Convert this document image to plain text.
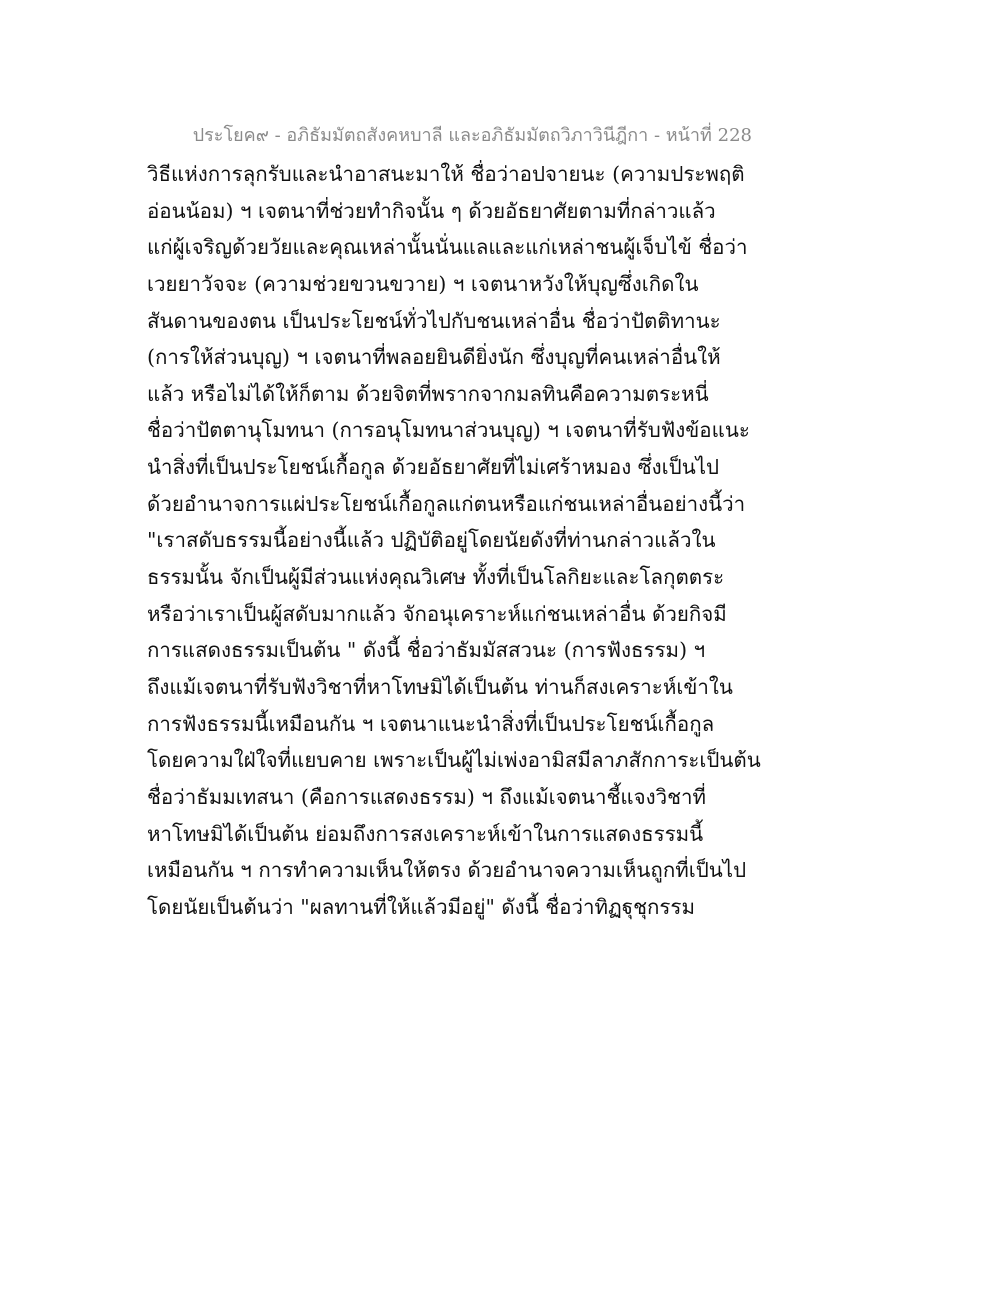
ประโยค๙ - อภิธัมมัตถสังคหบาลี และอภิธัมมัตถวิภาวินีฎีกา - หน้าที่ 228
วิธีแห่งการลุกรับและนำอาสนะมาให้ ชื่อว่าอปจายนะ (ความประพฤติ
อ่อนน้อม) ฯ เจตนาที่ช่วยทำกิจนั้น ๆ ด้วยอัธยาศัยตามที่กล่าวแล้ว
แก่ผู้เจริญด้วยวัยและคุณเหล่านั้นนั่นแลและแก่เหล่าชนผู้เจ็บไข้ ชื่อว่า
เวยยาวัจจะ (ความช่วยขวนขวาย) ฯ เจตนาหวังให้บุญซึ่งเกิดใน
สันดานของตน เป็นประโยชน์ทั่วไปกับชนเหล่าอื่น ชื่อว่าปัตติทานะ
(การให้ส่วนบุญ) ฯ เจตนาที่พลอยยินดียิ่งนัก ซึ่งบุญที่คนเหล่าอื่นให้
แล้ว หรือไม่ได้ให้ก็ตาม ด้วยจิตที่พรากจากมลทินคือความตระหนี่
ชื่อว่าปัตตานุโมทนา (การอนุโมทนาส่วนบุญ) ฯ เจตนาที่รับฟังข้อแนะ
นำสิ่งที่เป็นประโยชน์เกื้อกูล ด้วยอัธยาศัยที่ไม่เศร้าหมอง ซึ่งเป็นไป
ด้วยอำนาจการแผ่ประโยชน์เกื้อกูลแก่ตนหรือแก่ชนเหล่าอื่นอย่างนี้ว่า
"เราสดับธรรมนี้อย่างนี้แล้ว ปฏิบัติอยู่โดยนัยดังที่ท่านกล่าวแล้วใน
ธรรมนั้น จักเป็นผู้มีส่วนแห่งคุณวิเศษ ทั้งที่เป็นโลกิยะและโลกุตตระ
หรือว่าเราเป็นผู้สดับมากแล้ว จักอนุเคราะห์แก่ชนเหล่าอื่น ด้วยกิจมี
การแสดงธรรมเป็นต้น " ดังนี้ ชื่อว่าธัมมัสสวนะ (การฟังธรรม) ฯ
ถึงแม้เจตนาที่รับฟังวิชาที่หาโทษมิได้เป็นต้น ท่านก็สงเคราะห์เข้าใน
การฟังธรรมนี้เหมือนกัน ฯ เจตนาแนะนำสิ่งที่เป็นประโยชน์เกื้อกูล
โดยความใฝ่ใจที่แยบคาย เพราะเป็นผู้ไม่เพ่งอามิสมีลาภสักการะเป็นต้น
ชื่อว่าธัมมเทสนา (คือการแสดงธรรม) ฯ ถึงแม้เจตนาชี้แจงวิชาที่
หาโทษมิได้เป็นต้น ย่อมถึงการสงเคราะห์เข้าในการแสดงธรรมนี้
เหมือนกัน ฯ การทำความเห็นให้ตรง ด้วยอำนาจความเห็นถูกที่เป็นไป
โดยนัยเป็นต้นว่า "ผลทานที่ให้แล้วมีอยู่" ดังนี้ ชื่อว่าทิฏฐุชุกรรม
